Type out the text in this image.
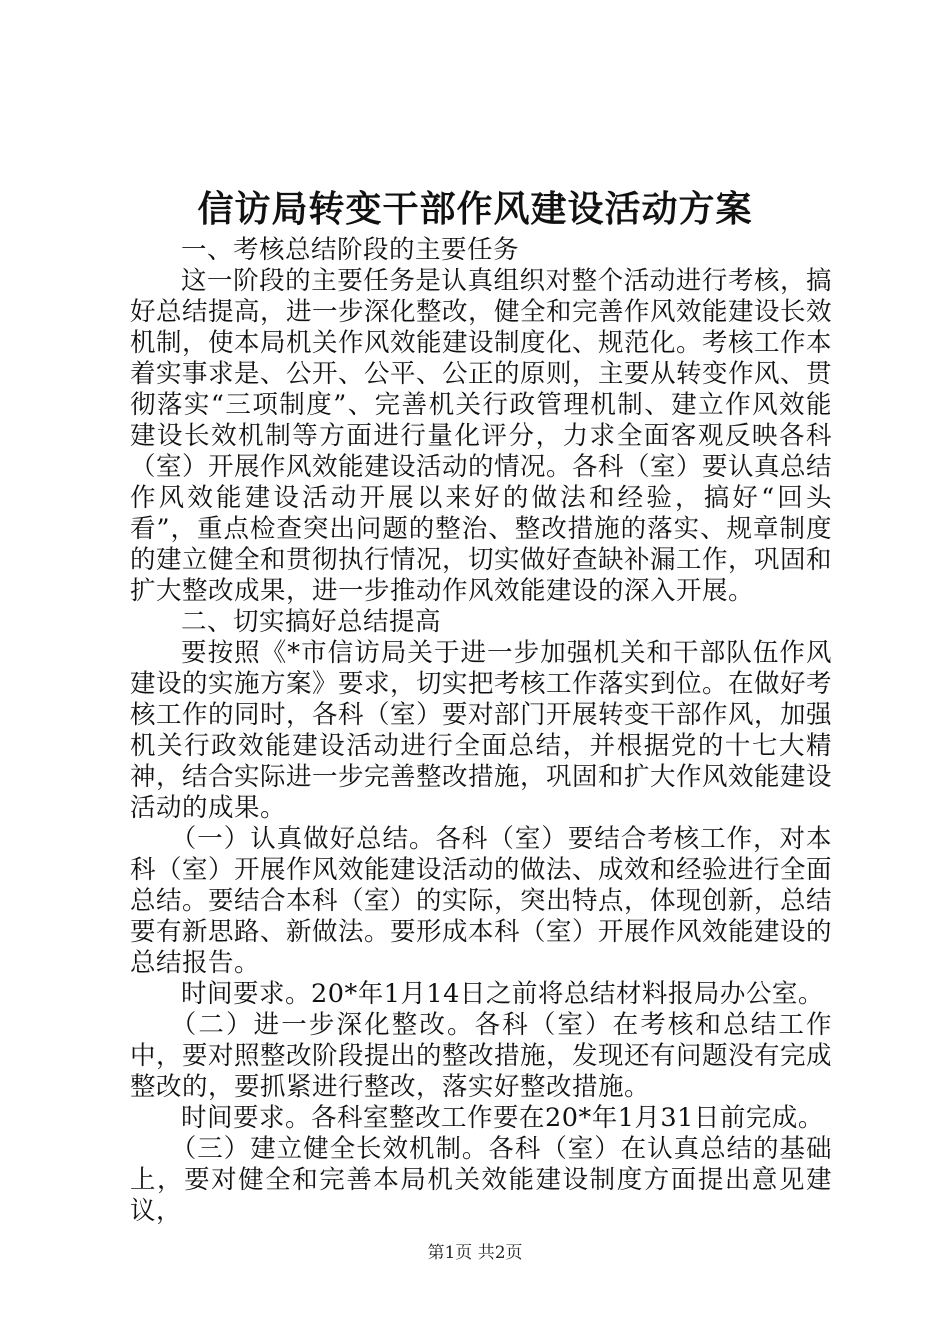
信访局转变干部作风建设活动方案

一、考核总结阶段的主要任务

这一阶段的主要任务是认真组织对整个活动进行考核，搞好总结提高，进一步深化整改，健全和完善作风效能建设长效机制，使本局机关作风效能建设制度化、规范化。考核工作本着实事求是、公开、公平、公正的原则，主要从转变作风、贯彻落实“三项制度”、完善机关行政管理机制、建立作风效能建设长效机制等方面进行量化评分，力求全面客观反映各科（室）开展作风效能建设活动的情况。各科（室）要认真总结作风效能建设活动开展以来好的做法和经验，搞好“回头看”，重点检查突出问题的整治、整改措施的落实、规章制度的建立健全和贯彻执行情况，切实做好查缺补漏工作，巩固和扩大整改成果，进一步推动作风效能建设的深入开展。

二、切实搞好总结提高

要按照《*市信访局关于进一步加强机关和干部队伍作风建设的实施方案》要求，切实把考核工作落实到位。在做好考核工作的同时，各科（室）要对部门开展转变干部作风，加强机关行政效能建设活动进行全面总结，并根据党的十七大精神，结合实际进一步完善整改措施，巩固和扩大作风效能建设活动的成果。

（一）认真做好总结。各科（室）要结合考核工作，对本科（室）开展作风效能建设活动的做法、成效和经验进行全面总结。要结合本科（室）的实际，突出特点，体现创新，总结要有新思路、新做法。要形成本科（室）开展作风效能建设的总结报告。

时间要求。20*年1月14日之前将总结材料报局办公室。

（二）进一步深化整改。各科（室）在考核和总结工作中，要对照整改阶段提出的整改措施，发现还有问题没有完成整改的，要抓紧进行整改，落实好整改措施。

时间要求。各科室整改工作要在20*年1月31日前完成。

（三）建立健全长效机制。各科（室）在认真总结的基础上，要对健全和完善本局机关效能建设制度方面提出意见建议，

第1页 共2页
